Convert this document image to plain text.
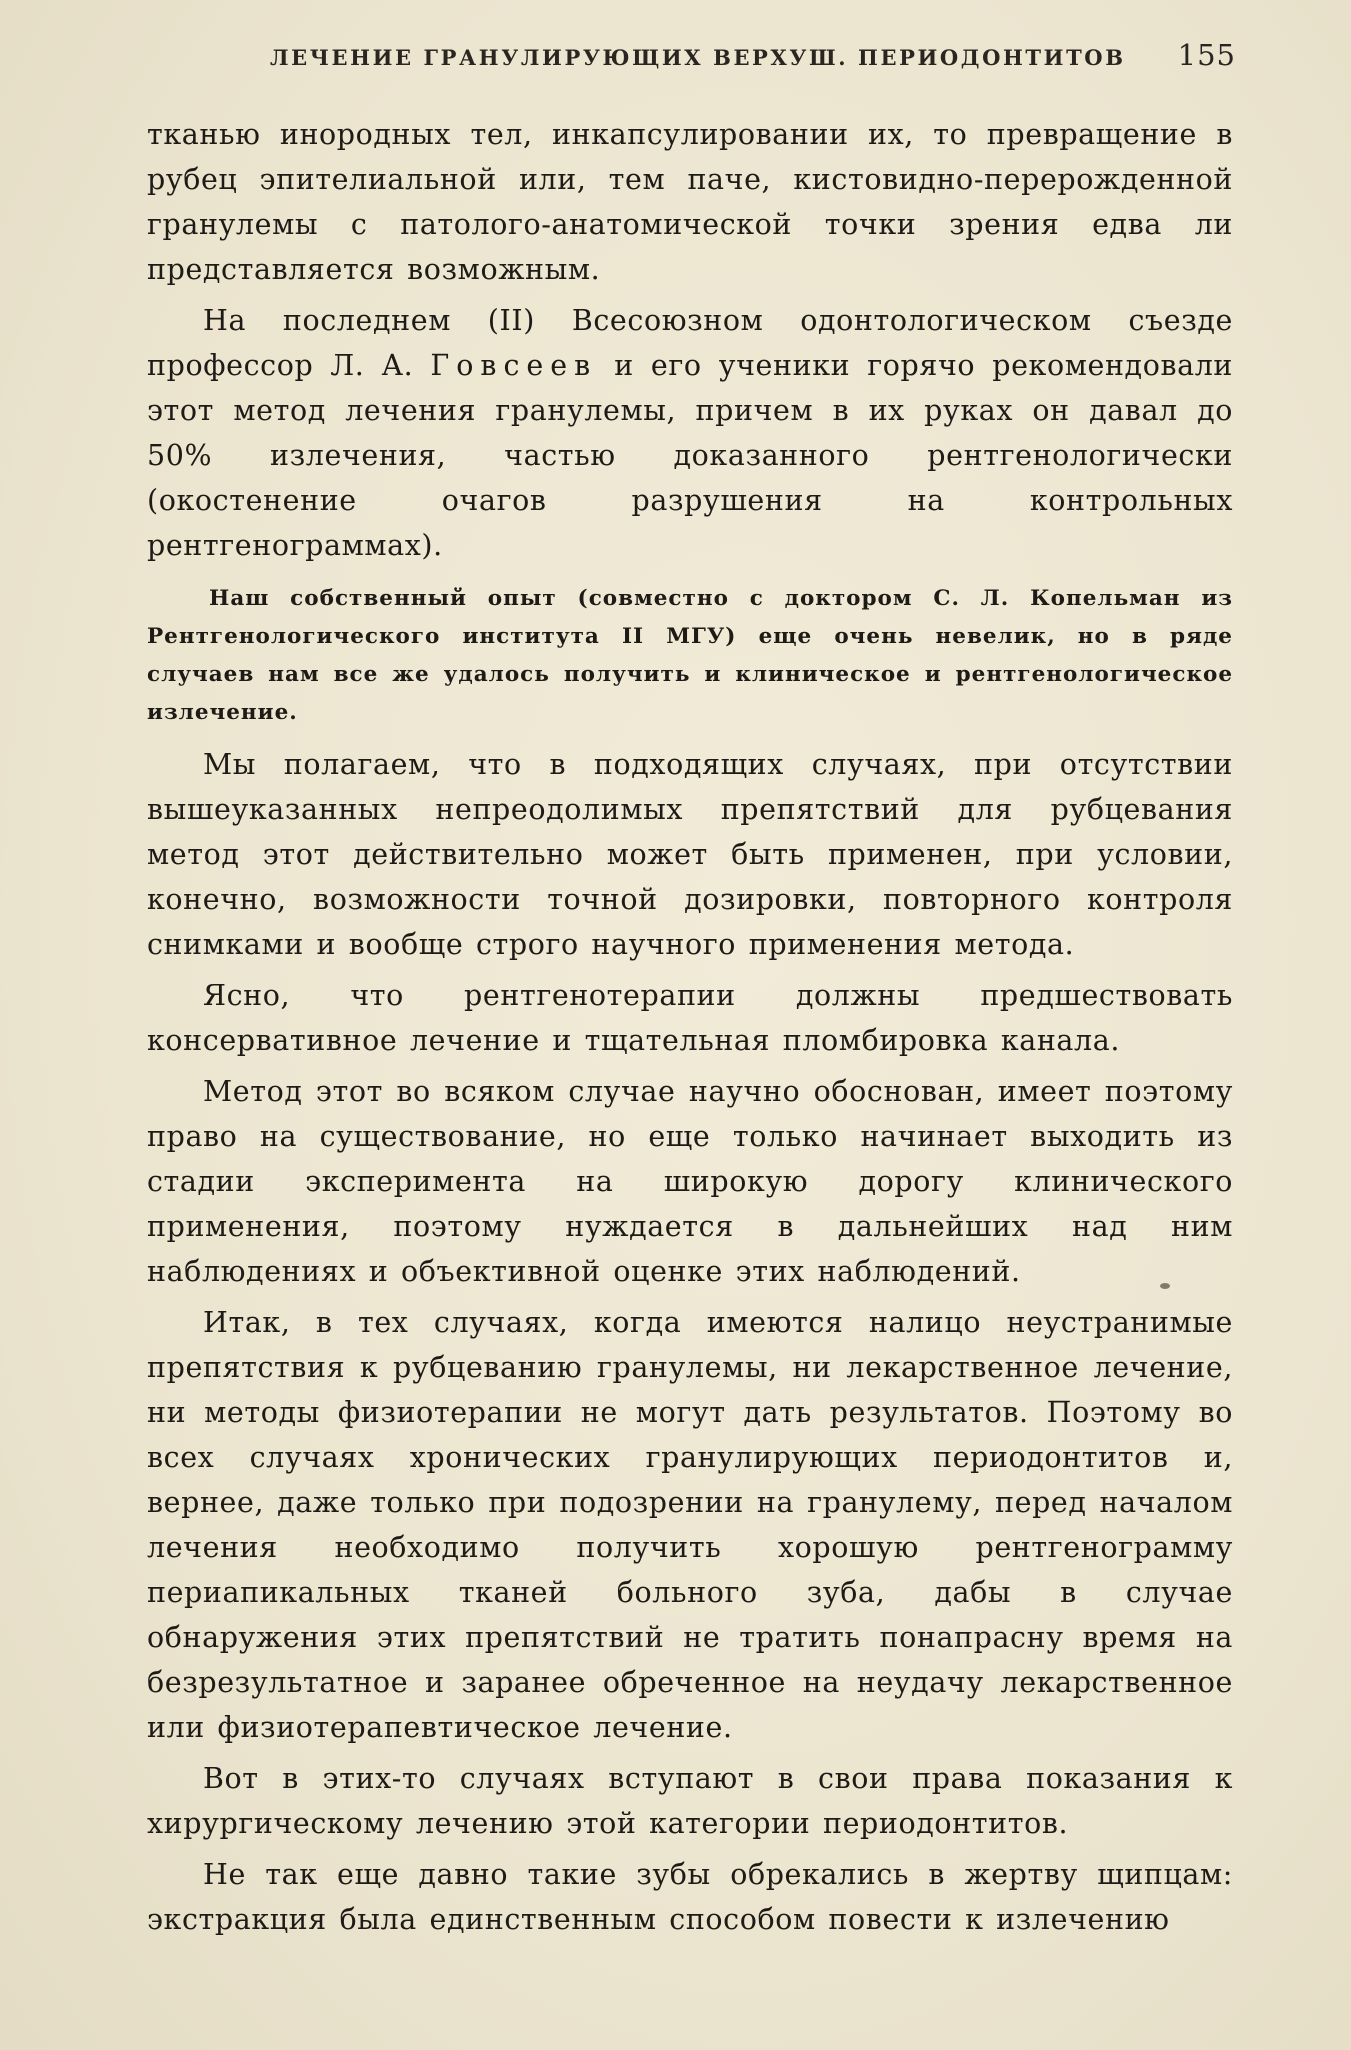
ЛЕЧЕНИЕ ГРАНУЛИРУЮЩИХ ВЕРХУШ. ПЕРИОДОНТИТОВ 155

тканью инородных тел, инкапсулировании их, то превращение в рубец эпителиальной или, тем паче, кистовидно-перерожденной гранулемы с патолого-анатомической точки зрения едва ли представляется возможным.

На последнем (II) Всесоюзном одонтологическом съезде профессор Л. А. Говсеев и его ученики горячо рекомендовали этот метод лечения гранулемы, причем в их руках он давал до 50% излечения, частью доказанного рентгенологически (окостенение очагов разрушения на контрольных рентгенограммах).

Наш собственный опыт (совместно с доктором С. Л. Копельман из Рентгенологического института II МГУ) еще очень невелик, но в ряде случаев нам все же удалось получить и клиническое и рентгенологическое излечение.

Мы полагаем, что в подходящих случаях, при отсутствии вышеуказанных непреодолимых препятствий для рубцевания метод этот действительно может быть применен, при условии, конечно, возможности точной дозировки, повторного контроля снимками и вообще строго научного применения метода.

Ясно, что рентгенотерапии должны предшествовать консервативное лечение и тщательная пломбировка канала.

Метод этот во всяком случае научно обоснован, имеет поэтому право на существование, но еще только начинает выходить из стадии эксперимента на широкую дорогу клинического применения, поэтому нуждается в дальнейших над ним наблюдениях и объективной оценке этих наблюдений.

Итак, в тех случаях, когда имеются налицо неустранимые препятствия к рубцеванию гранулемы, ни лекарственное лечение, ни методы физиотерапии не могут дать результатов. Поэтому во всех случаях хронических гранулирующих периодонтитов и, вернее, даже только при подозрении на гранулему, перед началом лечения необходимо получить хорошую рентгенограмму периапикальных тканей больного зуба, дабы в случае обнаружения этих препятствий не тратить понапрасну время на безрезультатное и заранее обреченное на неудачу лекарственное или физиотерапевтическое лечение.

Вот в этих-то случаях вступают в свои права показания к хирургическому лечению этой категории периодонтитов.

Не так еще давно такие зубы обрекались в жертву щипцам: экстракция была единственным способом повести к излечению
